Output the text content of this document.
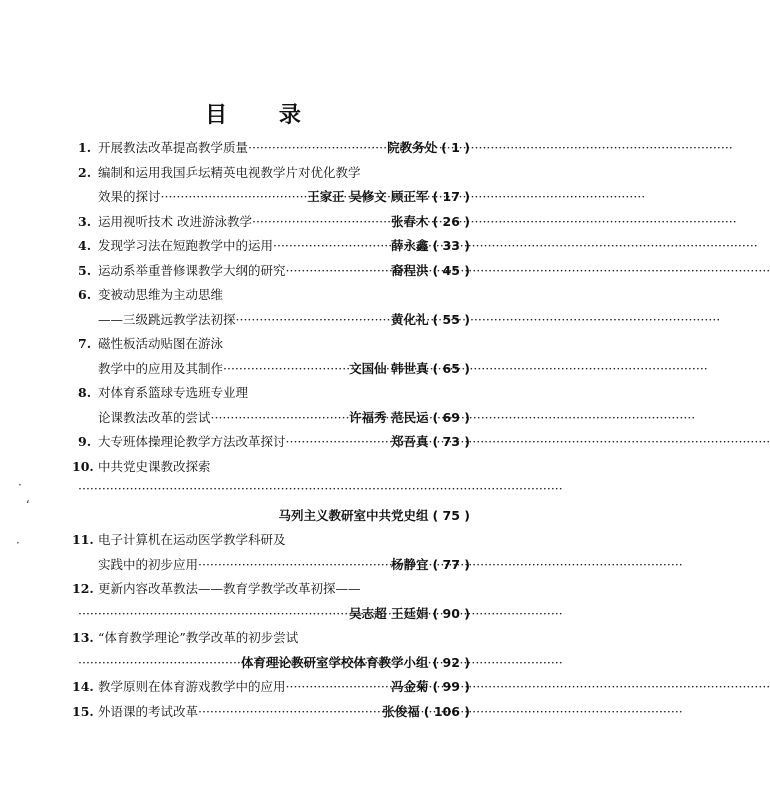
目 录
1. 开展教法改革提高教学质量 ·····	院教务处 ( 1 )
2. 编制和运用我国乒坛精英电视教学片对优化教学
效果的探讨 ·····	王家正 吴修文 顾正军 ( 17 )
3. 运用视听技术 改进游泳教学 ·····	张春木 ( 26 )
4. 发现学习法在短跑教学中的运用 ·····	薛永鑫 ( 33 )
5. 运动系举重普修课教学大纲的研究 ·····	裔程洪 ( 45 )
6. 变被动思维为主动思维
——三级跳远教学法初探 ·····	黄化礼 ( 55 )
7. 磁性板活动贴图在游泳
教学中的应用及其制作 ·····	文国仙 韩世真 ( 65 )
8. 对体育系篮球专选班专业理
论课教法改革的尝试 ·····	许福秀 范民运 ( 69 )
9. 大专班体操理论教学方法改革探讨 ·····	郑吾真 ( 73 )
10. 中共党史课教改探索
·····
马列主义教研室中共党史组 ( 75 )
11. 电子计算机在运动医学教学科研及
实践中的初步应用 ·····	杨静宜 ( 77 )
12. 更新内容改革教法——教育学教学改革初探——
·····
吴志超 王廷娟 ( 90 )
13. “体育教学理论”教学改革的初步尝试
·····
体育理论教研室学校体育教学小组 ( 92 )
14. 教学原则在体育游戏教学中的应用 ·····	冯金菊 ( 99 )
15. 外语课的考试改革 ·····	张俊福 ( 106 )
·
ʻ
·
